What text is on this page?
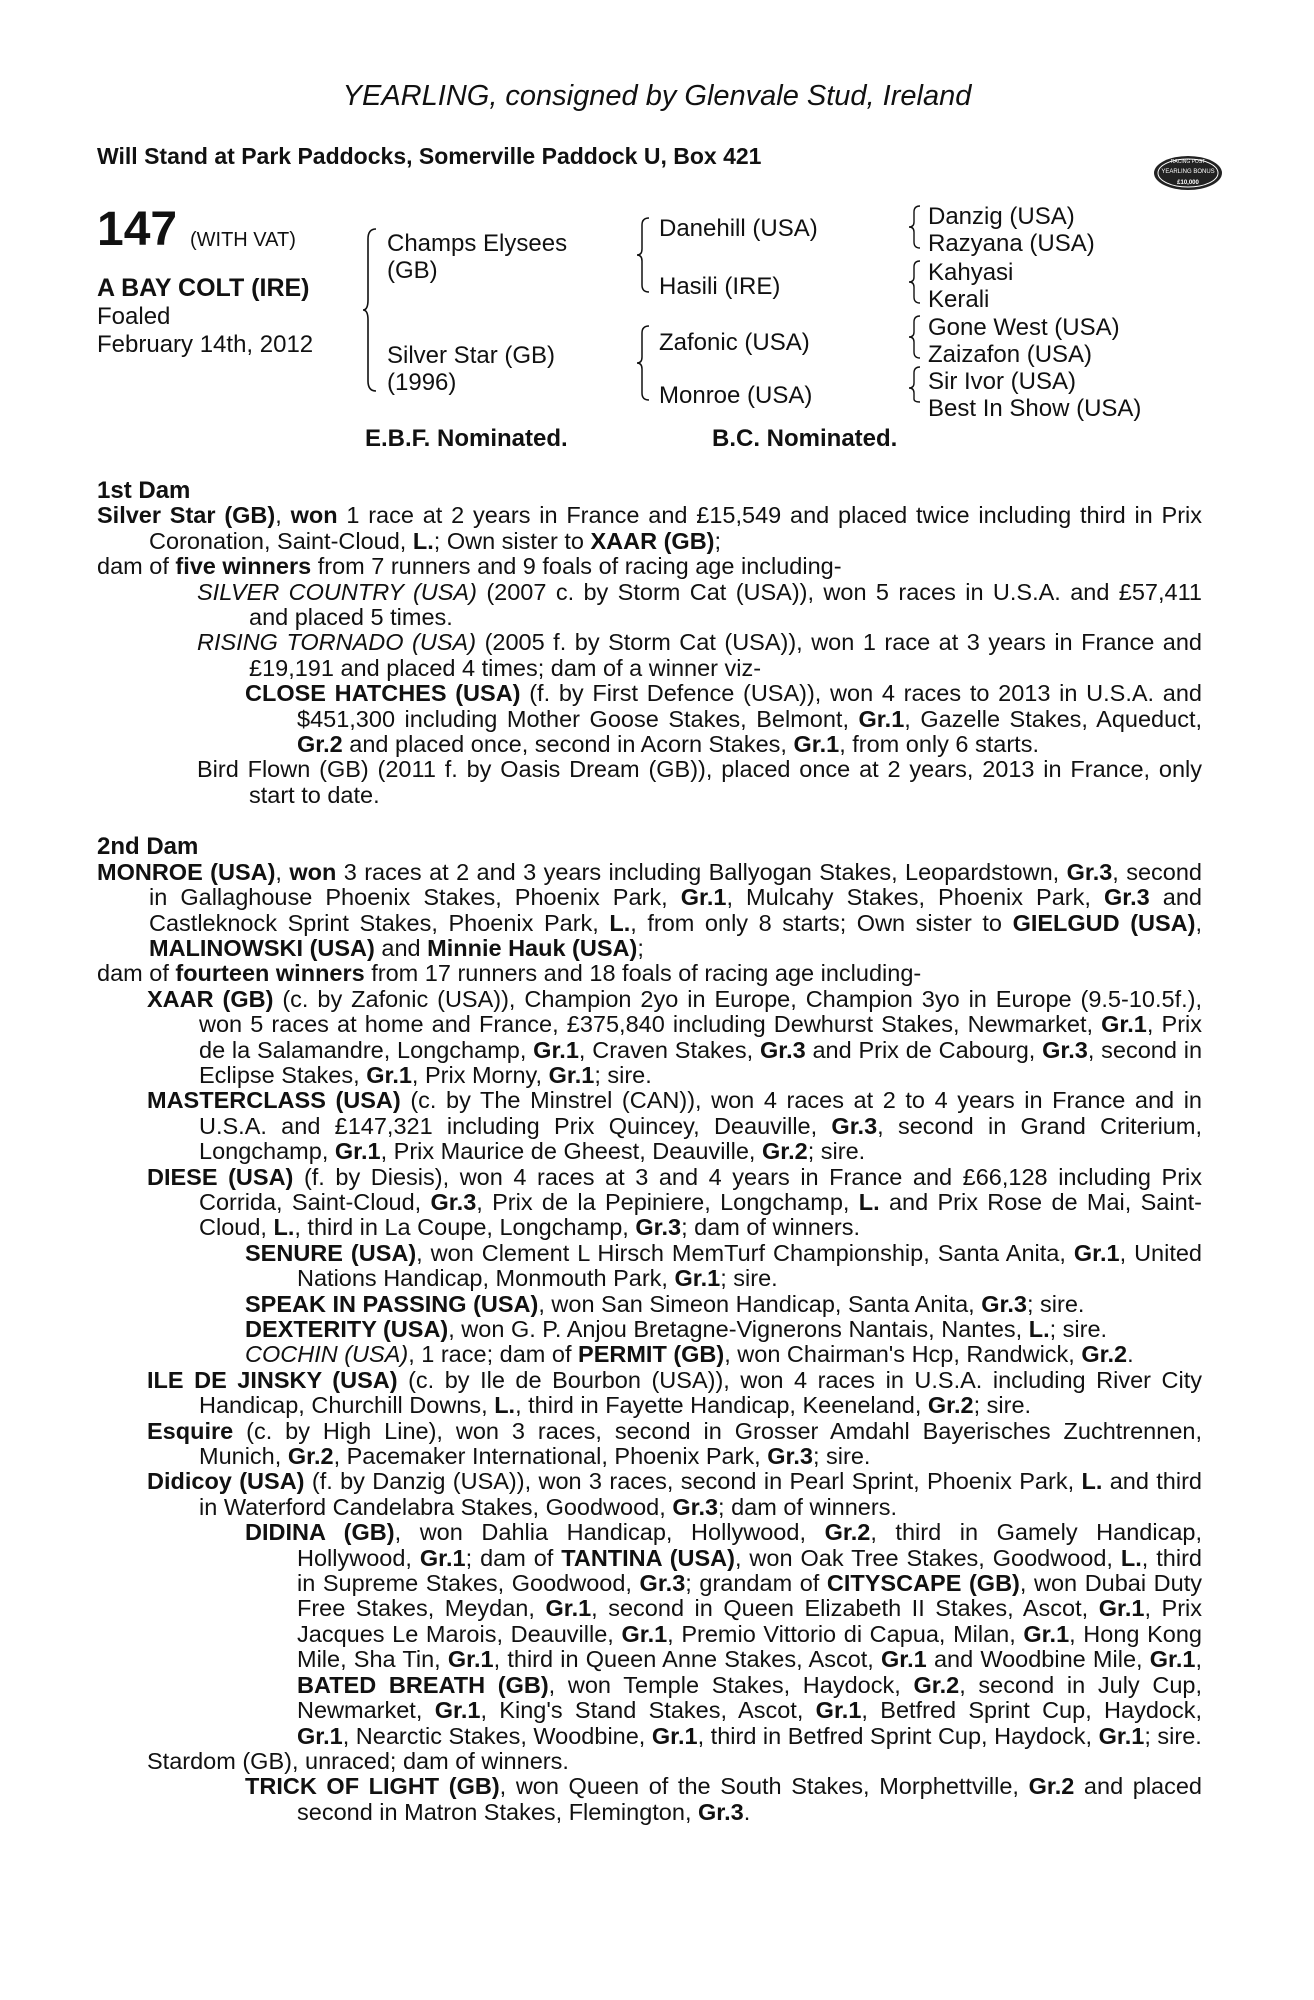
YEARLING, consigned by Glenvale Stud, Ireland
Will Stand at Park Paddocks, Somerville Paddock U, Box 421	RACING POST
YEARLING BONUS
£10,000
147 (WITH VAT)
A BAY COLT (IRE)
Foaled
February 14th, 2012
Champs Elysees
(GB)
Silver Star (GB)
(1996)
Danehill (USA)
Hasili (IRE)
Zafonic (USA)
Monroe (USA)
Danzig (USA)
Razyana (USA)
Kahyasi
Kerali
Gone West (USA)
Zaizafon (USA)
Sir Ivor (USA)
Best In Show (USA)
E.B.F. Nominated.	B.C. Nominated.
1st Dam

Silver Star (GB), won 1 race at 2 years in France and £15,549 and placed twice including third in Prix Coronation, Saint-Cloud, L.; Own sister to XAAR (GB);

dam of five winners from 7 runners and 9 foals of racing age including-

SILVER COUNTRY (USA) (2007 c. by Storm Cat (USA)), won 5 races in U.S.A. and £57,411 and placed 5 times.

RISING TORNADO (USA) (2005 f. by Storm Cat (USA)), won 1 race at 3 years in France and £19,191 and placed 4 times; dam of a winner viz-

CLOSE HATCHES (USA) (f. by First Defence (USA)), won 4 races to 2013 in U.S.A. and $451,300 including Mother Goose Stakes, Belmont, Gr.1, Gazelle Stakes, Aqueduct, Gr.2 and placed once, second in Acorn Stakes, Gr.1, from only 6 starts.

Bird Flown (GB) (2011 f. by Oasis Dream (GB)), placed once at 2 years, 2013 in France, only start to date.

2nd Dam

MONROE (USA), won 3 races at 2 and 3 years including Ballyogan Stakes, Leopardstown, Gr.3, second in Gallaghouse Phoenix Stakes, Phoenix Park, Gr.1, Mulcahy Stakes, Phoenix Park, Gr.3 and Castleknock Sprint Stakes, Phoenix Park, L., from only 8 starts; Own sister to GIELGUD (USA), MALINOWSKI (USA) and Minnie Hauk (USA);

dam of fourteen winners from 17 runners and 18 foals of racing age including-

XAAR (GB) (c. by Zafonic (USA)), Champion 2yo in Europe, Champion 3yo in Europe (9.5-10.5f.), won 5 races at home and France, £375,840 including Dewhurst Stakes, Newmarket, Gr.1, Prix de la Salamandre, Longchamp, Gr.1, Craven Stakes, Gr.3 and Prix de Cabourg, Gr.3, second in Eclipse Stakes, Gr.1, Prix Morny, Gr.1; sire.

MASTERCLASS (USA) (c. by The Minstrel (CAN)), won 4 races at 2 to 4 years in France and in U.S.A. and £147,321 including Prix Quincey, Deauville, Gr.3, second in Grand Criterium, Longchamp, Gr.1, Prix Maurice de Gheest, Deauville, Gr.2; sire.

DIESE (USA) (f. by Diesis), won 4 races at 3 and 4 years in France and £66,128 including Prix Corrida, Saint-Cloud, Gr.3, Prix de la Pepiniere, Longchamp, L. and Prix Rose de Mai, Saint-Cloud, L., third in La Coupe, Longchamp, Gr.3; dam of winners.

SENURE (USA), won Clement L Hirsch MemTurf Championship, Santa Anita, Gr.1, United Nations Handicap, Monmouth Park, Gr.1; sire.

SPEAK IN PASSING (USA), won San Simeon Handicap, Santa Anita, Gr.3; sire.

DEXTERITY (USA), won G. P. Anjou Bretagne-Vignerons Nantais, Nantes, L.; sire.

COCHIN (USA), 1 race; dam of PERMIT (GB), won Chairman's Hcp, Randwick, Gr.2.

ILE DE JINSKY (USA) (c. by Ile de Bourbon (USA)), won 4 races in U.S.A. including River City Handicap, Churchill Downs, L., third in Fayette Handicap, Keeneland, Gr.2; sire.

Esquire (c. by High Line), won 3 races, second in Grosser Amdahl Bayerisches Zuchtrennen, Munich, Gr.2, Pacemaker International, Phoenix Park, Gr.3; sire.

Didicoy (USA) (f. by Danzig (USA)), won 3 races, second in Pearl Sprint, Phoenix Park, L. and third in Waterford Candelabra Stakes, Goodwood, Gr.3; dam of winners.

DIDINA (GB), won Dahlia Handicap, Hollywood, Gr.2, third in Gamely Handicap, Hollywood, Gr.1; dam of TANTINA (USA), won Oak Tree Stakes, Goodwood, L., third in Supreme Stakes, Goodwood, Gr.3; grandam of CITYSCAPE (GB), won Dubai Duty Free Stakes, Meydan, Gr.1, second in Queen Elizabeth II Stakes, Ascot, Gr.1, Prix Jacques Le Marois, Deauville, Gr.1, Premio Vittorio di Capua, Milan, Gr.1, Hong Kong Mile, Sha Tin, Gr.1, third in Queen Anne Stakes, Ascot, Gr.1 and Woodbine Mile, Gr.1, BATED BREATH (GB), won Temple Stakes, Haydock, Gr.2, second in July Cup, Newmarket, Gr.1, King's Stand Stakes, Ascot, Gr.1, Betfred Sprint Cup, Haydock, Gr.1, Nearctic Stakes, Woodbine, Gr.1, third in Betfred Sprint Cup, Haydock, Gr.1; sire.

Stardom (GB), unraced; dam of winners.

TRICK OF LIGHT (GB), won Queen of the South Stakes, Morphettville, Gr.2 and placed second in Matron Stakes, Flemington, Gr.3.
